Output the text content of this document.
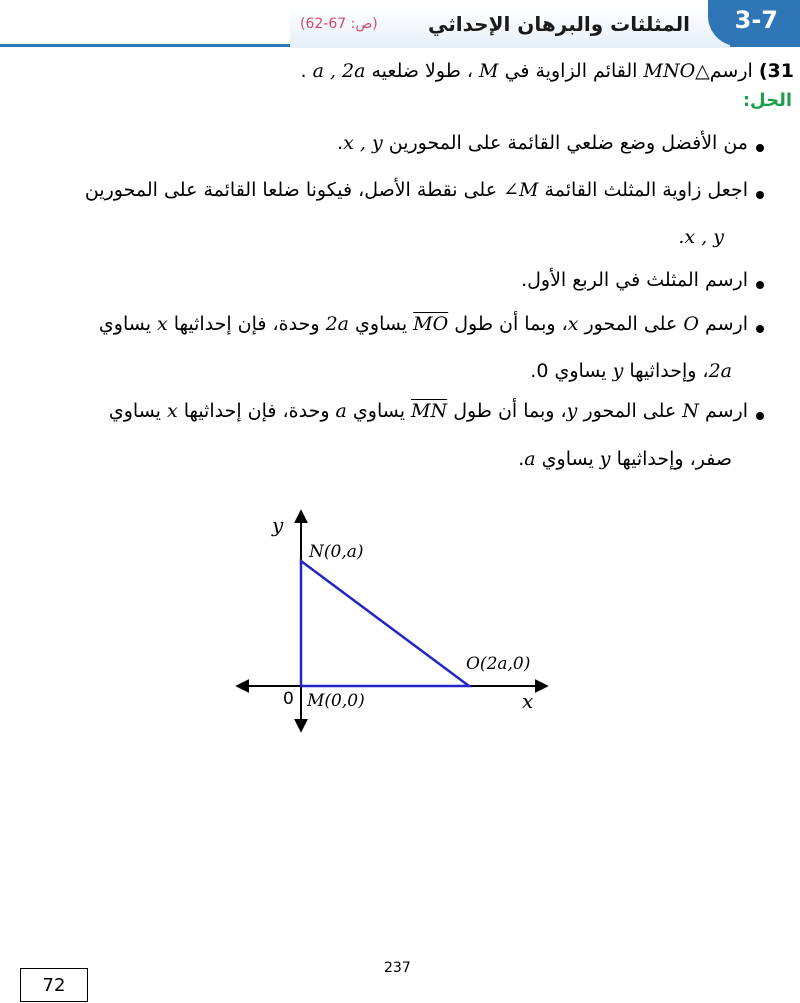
المثلثات والبرهان الإحداثي
(ص: 67-62)	3-7
31) ارسم△MNO القائم الزاوية في M ، طولا ضلعيه a , 2a .
الحل:
من الأفضل وضع ضلعي القائمة على المحورين x , y.
اجعل زاوية المثلث القائمة ∠M على نقطة الأصل، فيكونا ضلعا القائمة على المحورين
.x , y
ارسم المثلث في الربع الأول.
ارسم O على المحور x، وبما أن طول $\overline{MO}$ يساوي 2a وحدة، فإن إحداثيها x يساوي
2a، وإحداثيها y يساوي 0.
ارسم N على المحور y، وبما أن طول $\overline{MN}$ يساوي a وحدة، فإن إحداثيها x يساوي
صفر، وإحداثيها y يساوي a.
y
x
0 M(0,0)
N(0,a)
O(2a,0)
237
72
